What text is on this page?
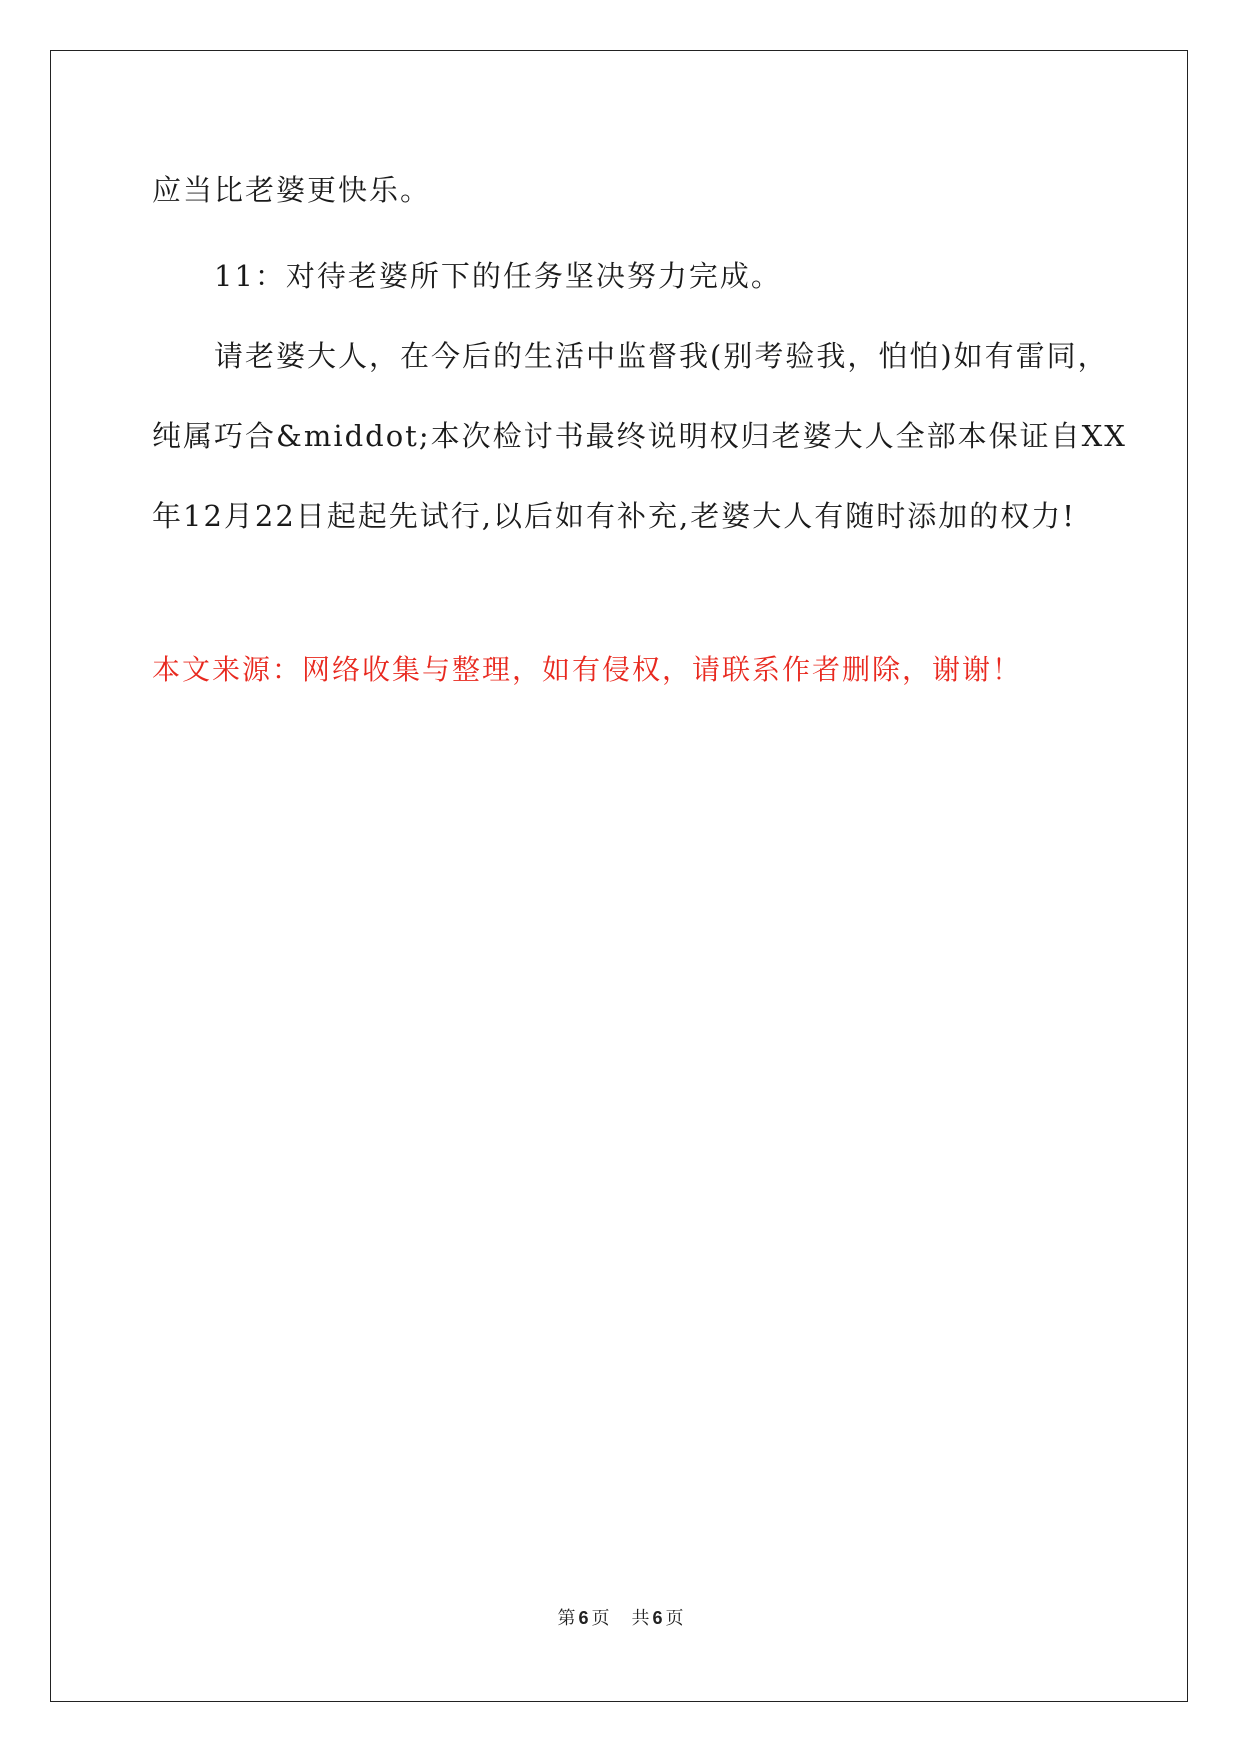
应当比老婆更快乐。
11：对待老婆所下的任务坚决努力完成。
请老婆大人，在今后的生活中监督我(别考验我，怕怕)如有雷同，
纯属巧合&middot;本次检讨书最终说明权归老婆大人全部本保证自XX
年12月22日起起先试行,以后如有补充,老婆大人有随时添加的权力!
本文来源：网络收集与整理，如有侵权，请联系作者删除，谢谢！
第 6 页 共 6 页
